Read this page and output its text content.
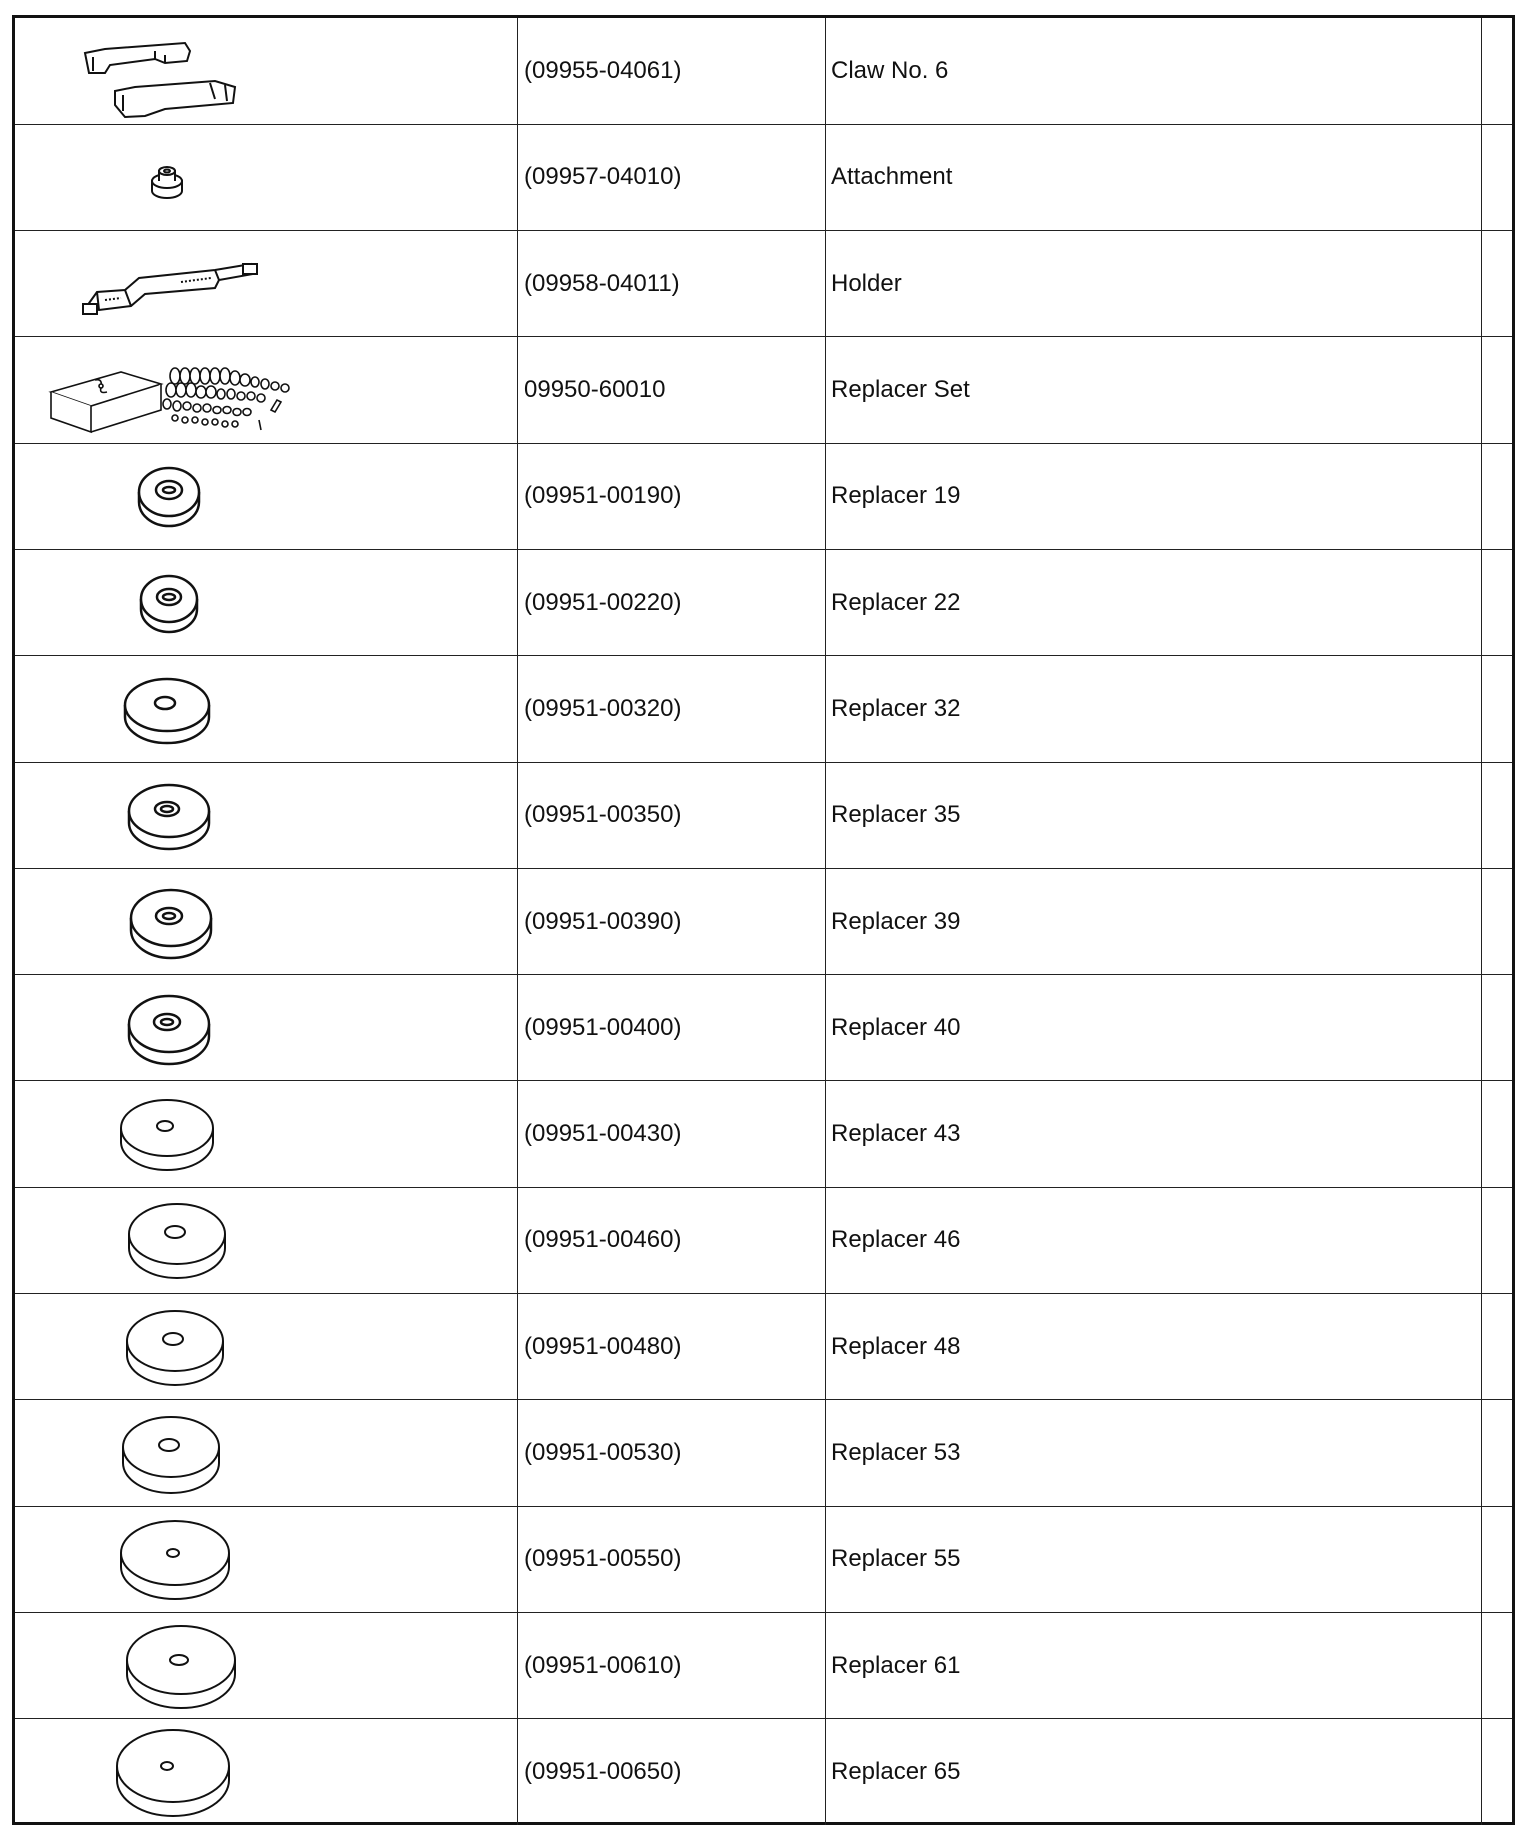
	(09955-04061)	Claw No. 6	

	(09957-04010)	Attachment	

	(09958-04011)	Holder	

	09950-60010	Replacer Set	

	(09951-00190)	Replacer 19	

	(09951-00220)	Replacer 22	

	(09951-00320)	Replacer 32	

	(09951-00350)	Replacer 35	

	(09951-00390)	Replacer 39	

	(09951-00400)	Replacer 40	

	(09951-00430)	Replacer 43	

	(09951-00460)	Replacer 46	

	(09951-00480)	Replacer 48	

	(09951-00530)	Replacer 53	

	(09951-00550)	Replacer 55	

	(09951-00610)	Replacer 61	

	(09951-00650)	Replacer 65	
